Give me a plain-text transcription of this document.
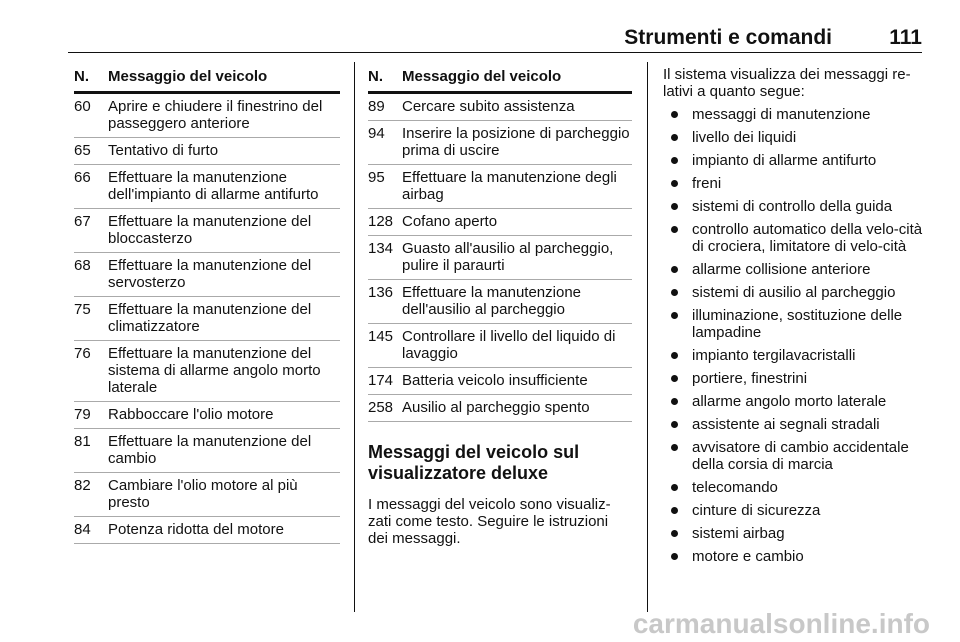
Strumenti e comandi	111
N.	Messaggio del veicolo
60	Aprire e chiudere il finestrino del passeggero anteriore
65	Tentativo di furto
66	Effettuare la manutenzione dell'impianto di allarme antifurto
67	Effettuare la manutenzione del bloccasterzo
68	Effettuare la manutenzione del servosterzo
75	Effettuare la manutenzione del climatizzatore
76	Effettuare la manutenzione del sistema di allarme angolo morto laterale
79	Rabboccare l'olio motore
81	Effettuare la manutenzione del cambio
82	Cambiare l'olio motore al più presto
84	Potenza ridotta del motore
N.	Messaggio del veicolo
89	Cercare subito assistenza
94	Inserire la posizione di parcheggio prima di uscire
95	Effettuare la manutenzione degli airbag
128	Cofano aperto
134	Guasto all'ausilio al parcheggio, pulire il paraurti
136	Effettuare la manutenzione dell'ausilio al parcheggio
145	Controllare il livello del liquido di lavaggio
174	Batteria veicolo insufficiente
258	Ausilio al parcheggio spento
Messaggi del veicolo sul visualizzatore deluxe
I messaggi del veicolo sono visualiz-zati come testo. Seguire le istruzioni dei messaggi.
Il sistema visualizza dei messaggi re-lativi a quanto segue:
messaggi di manutenzione
livello dei liquidi
impianto di allarme antifurto
freni
sistemi di controllo della guida
controllo automatico della velo-cità di crociera, limitatore di velo-cità
allarme collisione anteriore
sistemi di ausilio al parcheggio
illuminazione, sostituzione delle lampadine
impianto tergilavacristalli
portiere, finestrini
allarme angolo morto laterale
assistente ai segnali stradali
avvisatore di cambio accidentale della corsia di marcia
telecomando
cinture di sicurezza
sistemi airbag
motore e cambio
carmanualsonline.info
